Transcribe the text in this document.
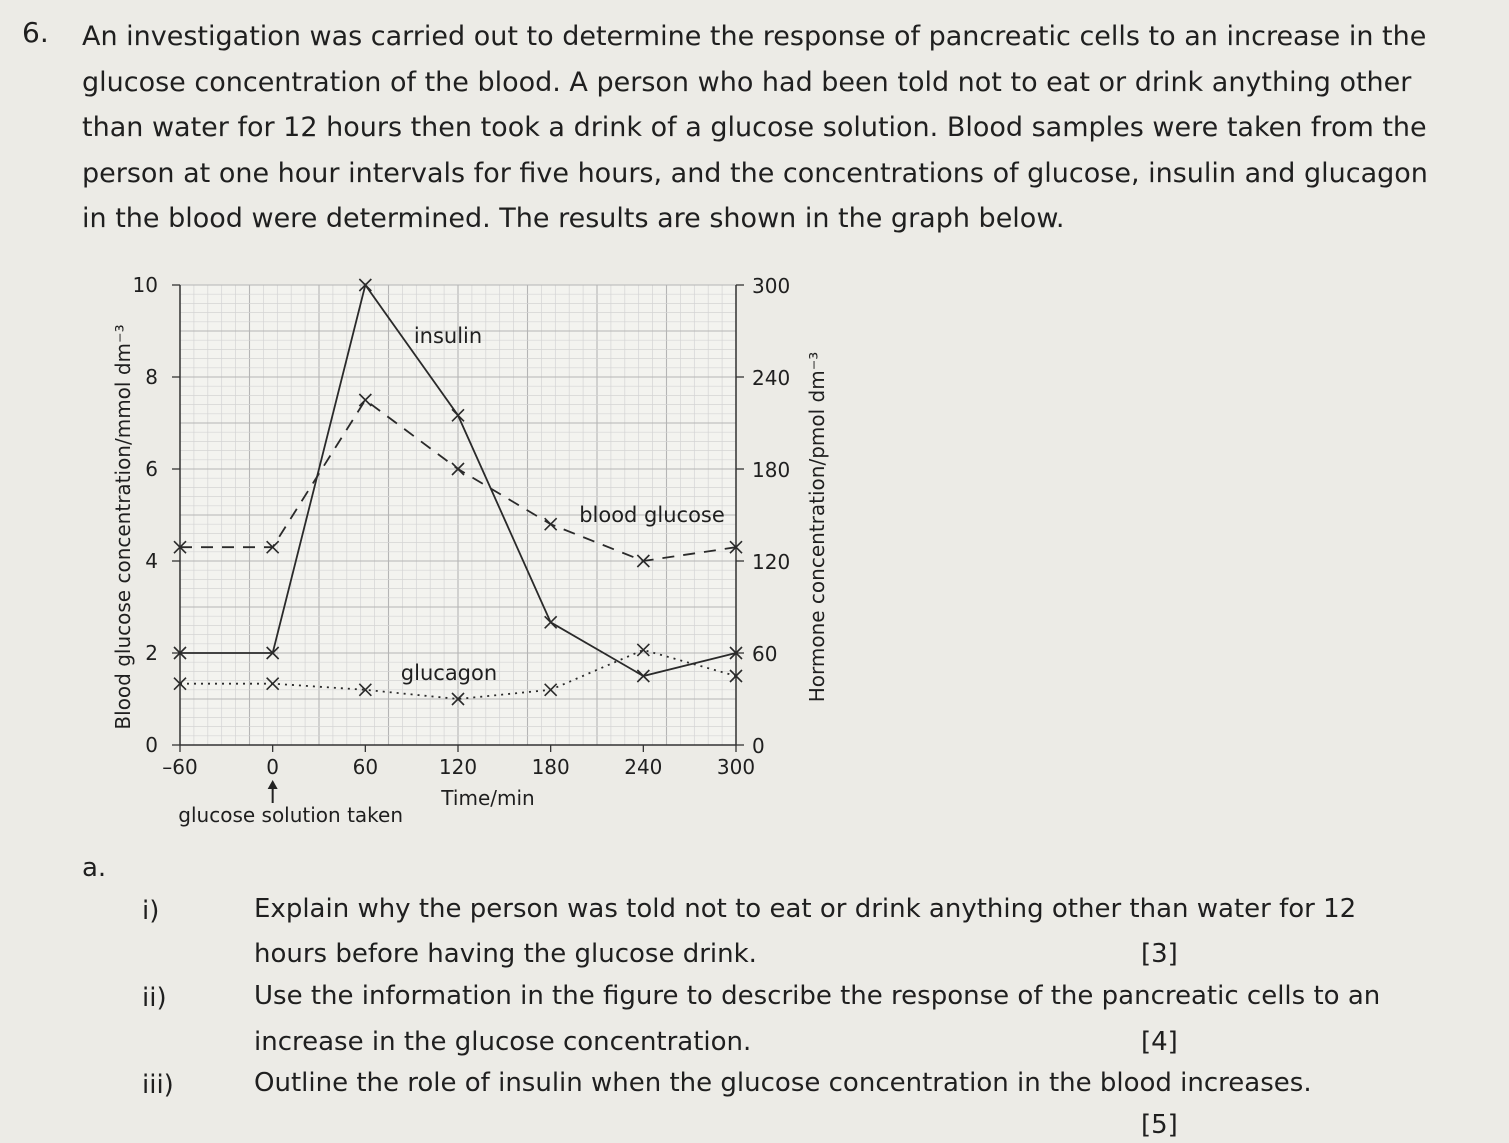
6. An investigation was carried out to determine the response of pancreatic cells to an increase in the
glucose concentration of the blood. A person who had been told not to eat or drink anything other
than water for 12 hours then took a drink of a glucose solution. Blood samples were taken from the
person at one hour intervals for five hours, and the concentrations of glucose, insulin and glucagon
in the blood were determined. The results are shown in the graph below.
–60	0	60	120	180	240	300
0
2
4
6
8
10
0
60
120
180
240
300
Time/min
Blood glucose concentration/mmol dm⁻³	Hormone concentration/pmol dm⁻³
glucose solution taken
insulin
blood glucose
glucagon
a.
i)	Explain why the person was told not to eat or drink anything other than water for 12
hours before having the glucose drink.	[3]
ii)	Use the information in the figure to describe the response of the pancreatic cells to an
increase in the glucose concentration.	[4]
iii)	Outline the role of insulin when the glucose concentration in the blood increases.
[5]
